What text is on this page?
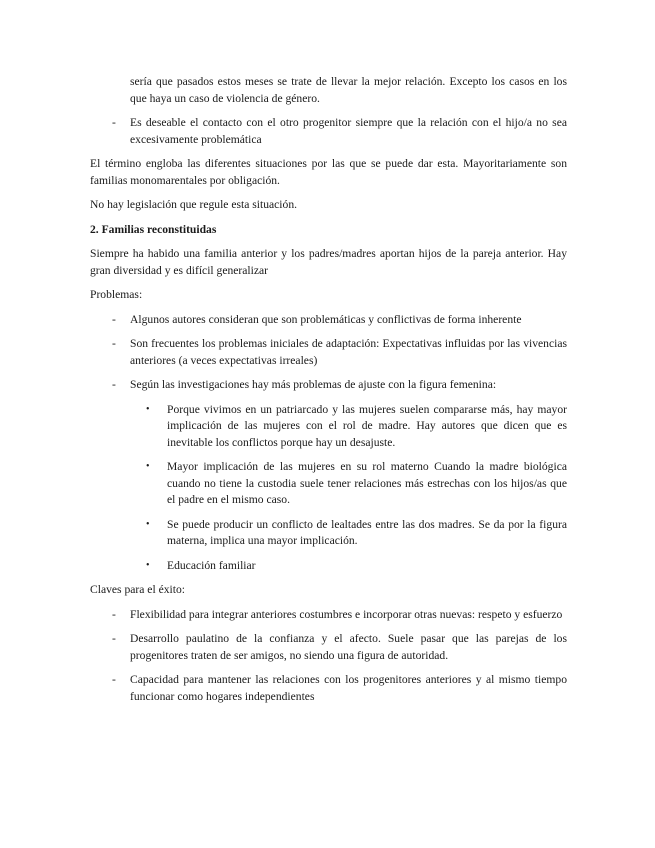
sería que pasados estos meses se trate de llevar la mejor relación. Excepto los casos en los que haya un caso de violencia de género.

- Es deseable el contacto con el otro progenitor siempre que la relación con el hijo/a no sea excesivamente problemática

El término engloba las diferentes situaciones por las que se puede dar esta. Mayoritariamente son familias monomarentales por obligación.

No hay legislación que regule esta situación.

2. Familias reconstituidas

Siempre ha habido una familia anterior y los padres/madres aportan hijos de la pareja anterior. Hay gran diversidad y es difícil generalizar

Problemas:

- Algunos autores consideran que son problemáticas y conflictivas de forma inherente
- Son frecuentes los problemas iniciales de adaptación: Expectativas influidas por las vivencias anteriores (a veces expectativas irreales)
- Según las investigaciones hay más problemas de ajuste con la figura femenina:
• Porque vivimos en un patriarcado y las mujeres suelen compararse más, hay mayor implicación de las mujeres con el rol de madre. Hay autores que dicen que es inevitable los conflictos porque hay un desajuste.
• Mayor implicación de las mujeres en su rol materno Cuando la madre biológica cuando no tiene la custodia suele tener relaciones más estrechas con los hijos/as que el padre en el mismo caso.
• Se puede producir un conflicto de lealtades entre las dos madres. Se da por la figura materna, implica una mayor implicación.
• Educación familiar

Claves para el éxito:

- Flexibilidad para integrar anteriores costumbres e incorporar otras nuevas: respeto y esfuerzo
- Desarrollo paulatino de la confianza y el afecto. Suele pasar que las parejas de los progenitores traten de ser amigos, no siendo una figura de autoridad.
- Capacidad para mantener las relaciones con los progenitores anteriores y al mismo tiempo funcionar como hogares independientes
